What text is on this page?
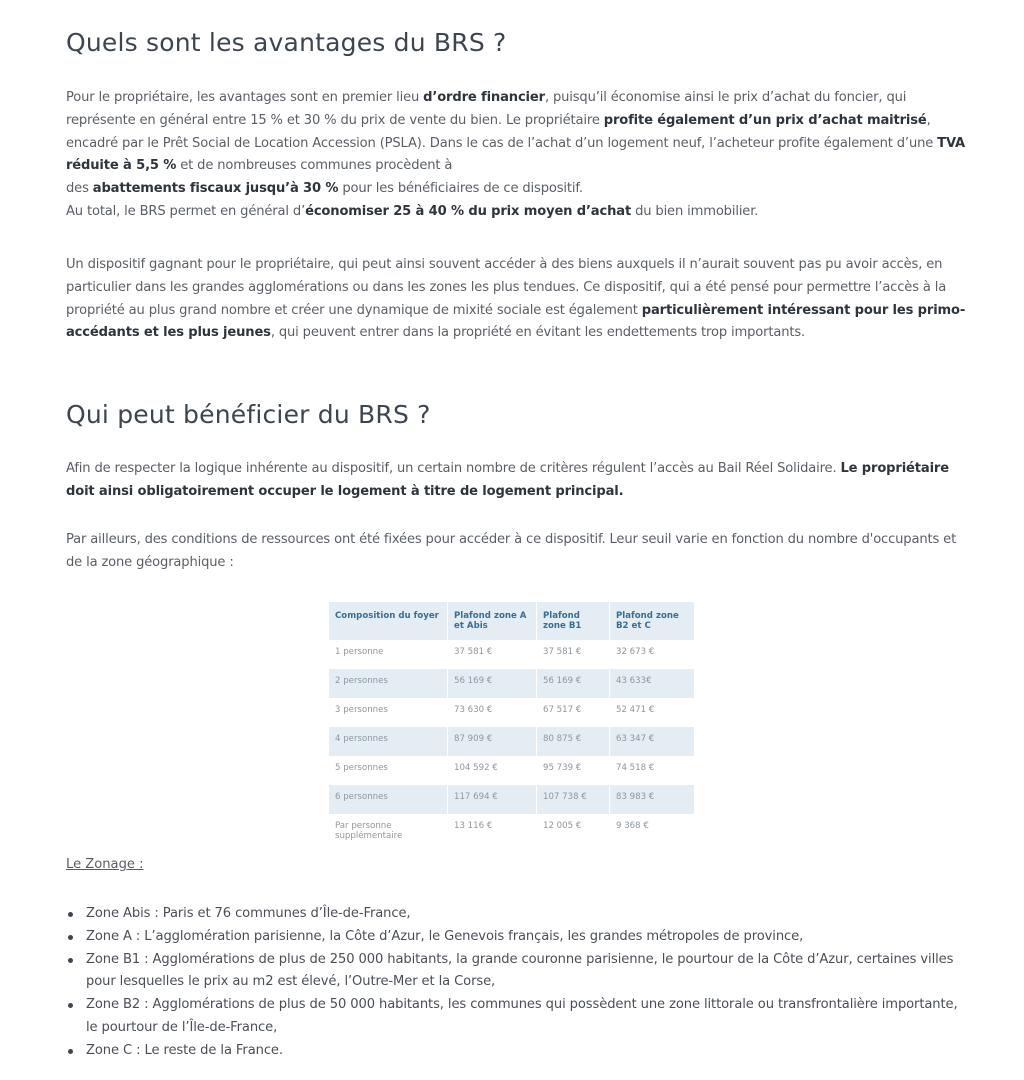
Quels sont les avantages du BRS ?
Pour le propriétaire, les avantages sont en premier lieu d’ordre financier, puisqu’il économise ainsi le prix d’achat du foncier, qui représente en général entre 15 % et 30 % du prix de vente du bien. Le propriétaire profite également d’un prix d’achat maitrisé, encadré par le Prêt Social de Location Accession (PSLA). Dans le cas de l’achat d’un logement neuf, l’acheteur profite également d’une TVA réduite à 5,5 % et de nombreuses communes procèdent à
des abattements fiscaux jusqu’à 30 % pour les bénéficiaires de ce dispositif.
Au total, le BRS permet en général d’économiser 25 à 40 % du prix moyen d’achat du bien immobilier.
Un dispositif gagnant pour le propriétaire, qui peut ainsi souvent accéder à des biens auxquels il n’aurait souvent pas pu avoir accès, en particulier dans les grandes agglomérations ou dans les zones les plus tendues. Ce dispositif, qui a été pensé pour permettre l’accès à la propriété au plus grand nombre et créer une dynamique de mixité sociale est également particulièrement intéressant pour les primo-accédants et les plus jeunes, qui peuvent entrer dans la propriété en évitant les endettements trop importants.
Qui peut bénéficier du BRS ?
Afin de respecter la logique inhérente au dispositif, un certain nombre de critères régulent l’accès au Bail Réel Solidaire. Le propriétaire doit ainsi obligatoirement occuper le logement à titre de logement principal.
Par ailleurs, des conditions de ressources ont été fixées pour accéder à ce dispositif. Leur seuil varie en fonction du nombre d'occupants et de la zone géographique :
Composition du foyer	Plafond zone A et Abis	Plafond zone B1	Plafond zone B2 et C
1 personne	37 581 €	37 581 €	32 673 €
2 personnes	56 169 €	56 169 €	43 633€
3 personnes	73 630 €	67 517 €	52 471 €
4 personnes	87 909 €	80 875 €	63 347 €
5 personnes	104 592 €	95 739 €	74 518 €
6 personnes	117 694 €	107 738 €	83 983 €
Par personne supplémentaire	13 116 €	12 005 €	9 368 €
Le Zonage :
Zone Abis : Paris et 76 communes d’Île-de-France,
Zone A : L’agglomération parisienne, la Côte d’Azur, le Genevois français, les grandes métropoles de province,
Zone B1 : Agglomérations de plus de 250 000 habitants, la grande couronne parisienne, le pourtour de la Côte d’Azur, certaines villes pour lesquelles le prix au m2 est élevé, l’Outre-Mer et la Corse,
Zone B2 : Agglomérations de plus de 50 000 habitants, les communes qui possèdent une zone littorale ou transfrontalière importante, le pourtour de l’Île-de-France,
Zone C : Le reste de la France.
